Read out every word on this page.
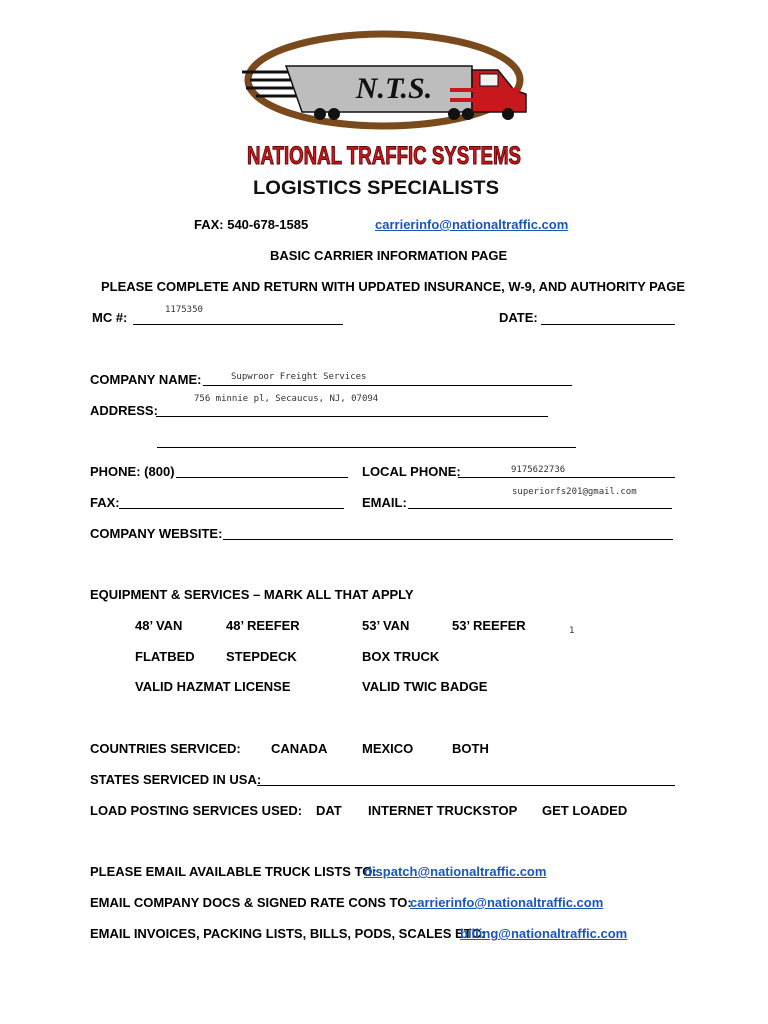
N.T.S.
NATIONAL TRAFFIC SYSTEMS
LOGISTICS SPECIALISTS
FAX: 540-678-1585	carrierinfo@nationaltraffic.com
BASIC CARRIER INFORMATION PAGE
PLEASE COMPLETE AND RETURN WITH UPDATED INSURANCE, W-9, AND AUTHORITY PAGE
MC #:	1175350	DATE:
COMPANY NAME:	Supwroor Freight Services
ADDRESS:
756 minnie pl, Secaucus, NJ, 07094
PHONE: (800)	LOCAL PHONE:	9175622736
FAX:	EMAIL:
superiorfs201@gmail.com
COMPANY WEBSITE:
EQUIPMENT & SERVICES – MARK ALL THAT APPLY
48’ VAN	48’ REEFER	53’ VAN	53’ REEFER	1
FLATBED STEPDECK	BOX TRUCK
VALID HAZMAT LICENSE	VALID TWIC BADGE
COUNTRIES SERVICED: CANADA	MEXICO	BOTH
STATES SERVICED IN USA:
LOAD POSTING SERVICES USED: DAT INTERNET TRUCKSTOP GET LOADED
PLEASE EMAIL AVAILABLE TRUCK LISTS TO:
dispatch@nationaltraffic.com
EMAIL COMPANY DOCS & SIGNED RATE CONS TO:
carrierinfo@nationaltraffic.com
EMAIL INVOICES, PACKING LISTS, BILLS, PODS, SCALES ETC:
billing@nationaltraffic.com
